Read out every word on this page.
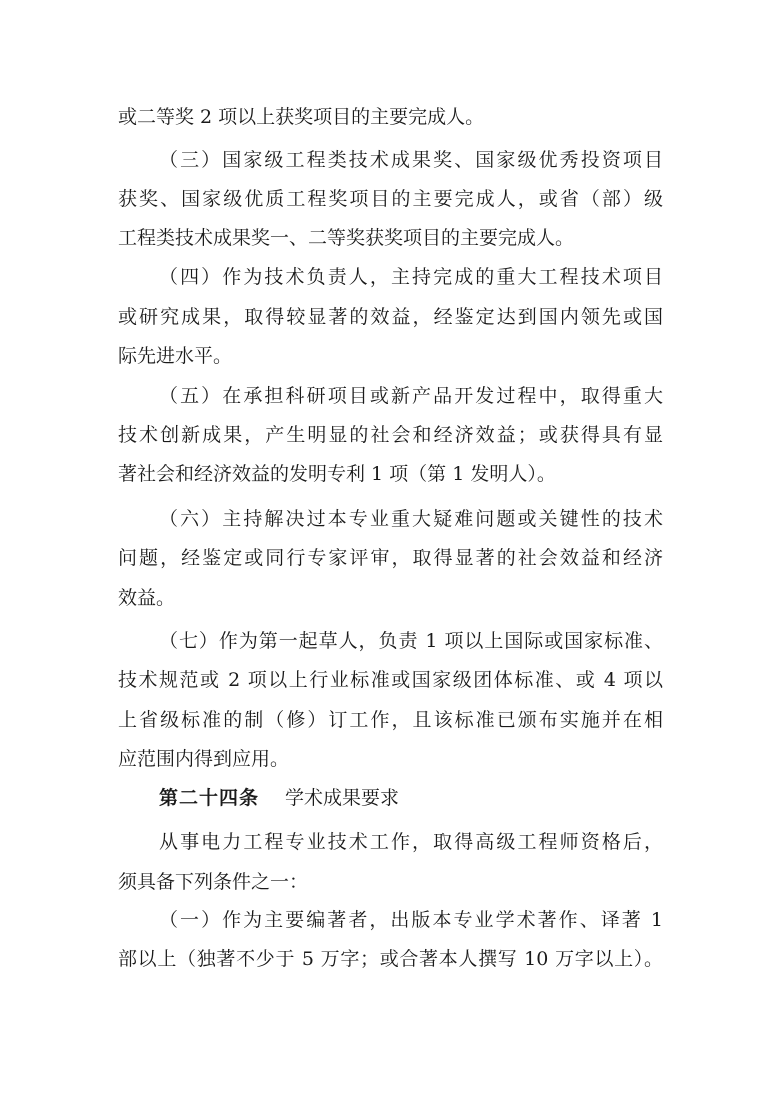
或二等奖 2 项以上获奖项目的主要完成人。
（三）国家级工程类技术成果奖、国家级优秀投资项目
获奖、国家级优质工程奖项目的主要完成人，或省（部）级
工程类技术成果奖一、二等奖获奖项目的主要完成人。
（四）作为技术负责人，主持完成的重大工程技术项目
或研究成果，取得较显著的效益，经鉴定达到国内领先或国
际先进水平。
（五）在承担科研项目或新产品开发过程中，取得重大
技术创新成果，产生明显的社会和经济效益；或获得具有显
著社会和经济效益的发明专利 1 项（第 1 发明人）。
（六）主持解决过本专业重大疑难问题或关键性的技术
问题，经鉴定或同行专家评审，取得显著的社会效益和经济
效益。
（七）作为第一起草人，负责 1 项以上国际或国家标准、
技术规范或 2 项以上行业标准或国家级团体标准、或 4 项以
上省级标准的制（修）订工作，且该标准已颁布实施并在相
应范围内得到应用。
第二十四条 学术成果要求
从事电力工程专业技术工作，取得高级工程师资格后，
须具备下列条件之一：
（一）作为主要编著者，出版本专业学术著作、译著 1
部以上（独著不少于 5 万字；或合著本人撰写 10 万字以上）。
